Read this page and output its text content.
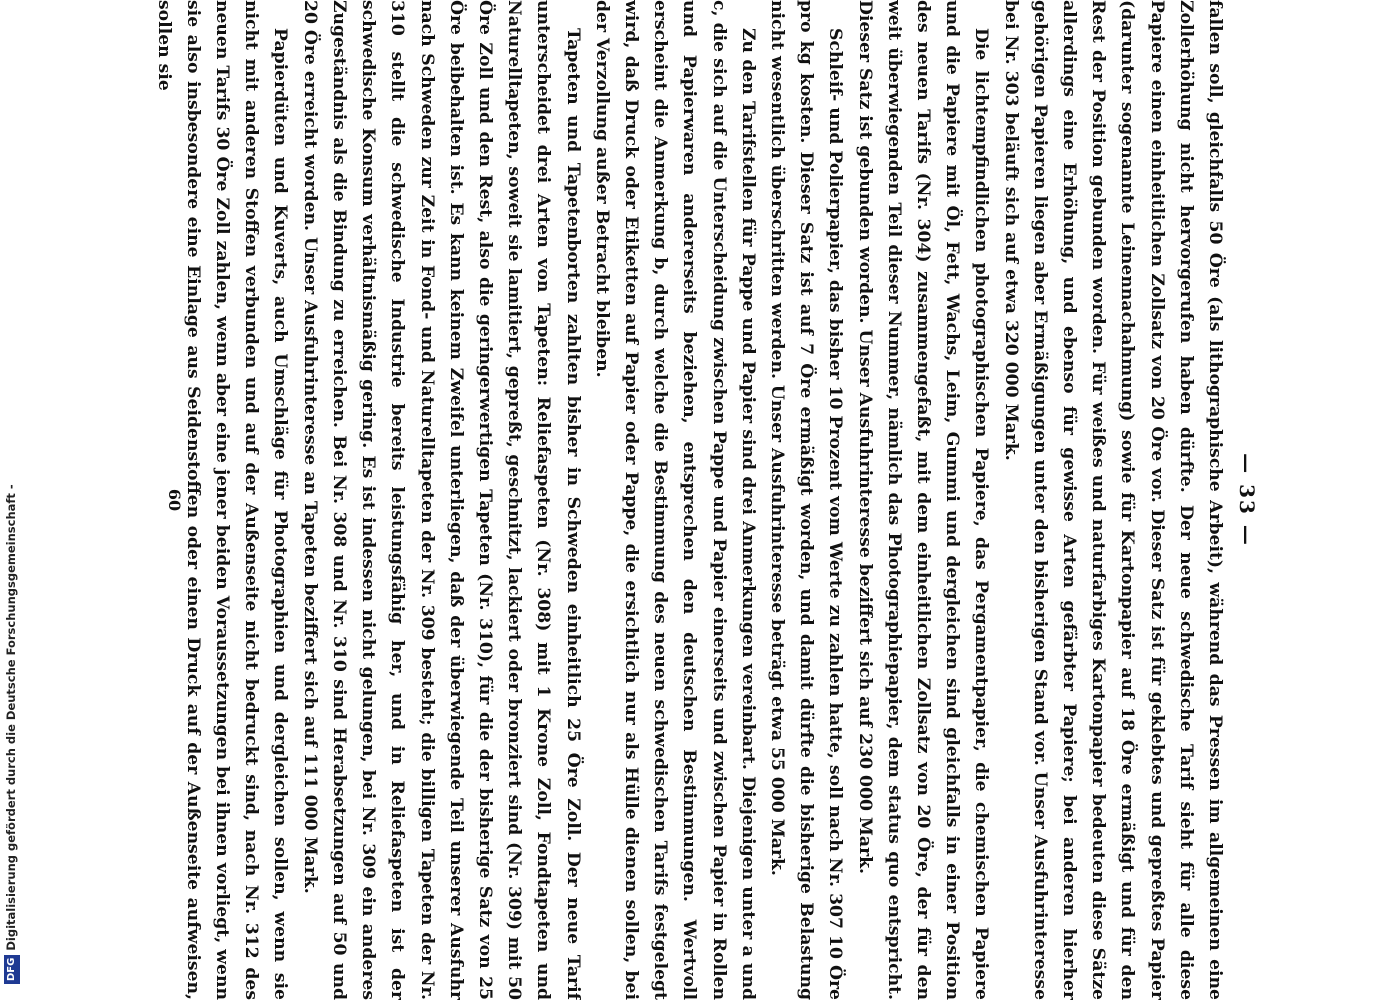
DFGDigitalisierung gefördert durch die Deutsche Forschungsgemeinschaft -	— 33 —

fallen soll, gleichfalls 50 Öre (als lithographische Arbeit), während das Pressen im allgemeinen eine Zollerhöhung nicht hervorgerufen haben dürfte. Der neue schwedische Tarif sieht für alle diese Papiere einen einheitlichen Zollsatz von 20 Öre vor. Dieser Satz ist für geklebtes und gepreßtes Papier (darunter sogenannte Leinennachahmung) sowie für Kartonpapier auf 18 Öre ermäßigt und für den Rest der Position gebunden worden. Für weißes und naturfarbiges Kartonpapier bedeuten diese Sätze allerdings eine Erhöhung, und ebenso für gewisse Arten gefärbter Papiere; bei anderen hierher gehörigen Papieren liegen aber Ermäßigungen unter den bisherigen Stand vor. Unser Ausfuhrinteresse bei Nr. 303 beläuft sich auf etwa 320 000 Mark.

Die lichtempfindlichen photographischen Papiere, das Pergamentpapier, die chemischen Papiere und die Papiere mit Öl, Fett, Wachs, Leim, Gummi und dergleichen sind gleichfalls in einer Position des neuen Tarifs (Nr. 304) zusammengefaßt, mit dem einheitlichen Zollsatz von 20 Öre, der für den weit überwiegenden Teil dieser Nummer, nämlich das Photographiepapier, dem status quo entspricht. Dieser Satz ist gebunden worden. Unser Ausfuhrinteresse beziffert sich auf 230 000 Mark.

Schleif- und Polierpapier, das bisher 10 Prozent vom Werte zu zahlen hatte, soll nach Nr. 307 10 Öre pro kg kosten. Dieser Satz ist auf 7 Öre ermäßigt worden, und damit dürfte die bisherige Belastung nicht wesentlich überschritten werden. Unser Ausfuhrinteresse beträgt etwa 55 000 Mark.

Zu den Tarifstellen für Pappe und Papier sind drei Anmerkungen vereinbart. Diejenigen unter a und c, die sich auf die Unterscheidung zwischen Pappe und Papier einerseits und zwischen Papier in Rollen und Papierwaren andererseits beziehen, entsprechen den deutschen Bestimmungen. Wertvoll erscheint die Anmerkung b, durch welche die Bestimmung des neuen schwedischen Tarifs festgelegt wird, daß Druck oder Etiketten auf Papier oder Pappe, die ersichtlich nur als Hülle dienen sollen, bei der Verzollung außer Betracht bleiben.

Tapeten und Tapetenborten zahlten bisher in Schweden einheitlich 25 Öre Zoll. Der neue Tarif unterscheidet drei Arten von Tapeten: Reliefaspeten (Nr. 308) mit 1 Krone Zoll, Fondtapeten und Naturelltapeten, soweit sie lamitiert, gepreßt, geschnitzt, lackiert oder bronziert sind (Nr. 309) mit 50 Öre Zoll und den Rest, also die geringerwertigen Tapeten (Nr. 310), für die der bisherige Satz von 25 Öre beibehalten ist. Es kann keinem Zweifel unterliegen, daß der überwiegende Teil unserer Ausfuhr nach Schweden zur Zeit in Fond- und Naturelltapeten der Nr. 309 besteht; die billigen Tapeten der Nr. 310 stellt die schwedische Industrie bereits leistungsfähig her, und in Reliefaspeten ist der schwedische Konsum verhältnismäßig gering. Es ist indessen nicht gelungen, bei Nr. 309 ein anderes Zugeständnis als die Bindung zu erreichen. Bei Nr. 308 und Nr. 310 sind Herabsetzungen auf 50 und 20 Öre erreicht worden. Unser Ausfuhrinteresse an Tapeten beziffert sich auf 111 000 Mark.

Papierdüten und Kuverts, auch Umschläge für Photographien und dergleichen sollen, wenn sie nicht mit anderen Stoffen verbunden und auf der Außenseite nicht bedruckt sind, nach Nr. 312 des neuen Tarifs 30 Öre Zoll zahlen, wenn aber eine jener beiden Voraussetzungen bei ihnen vorliegt, wenn sie also insbesondere eine Einlage aus Seidenstoffen oder einen Druck auf der Außenseite aufweisen, sollen sie

60
